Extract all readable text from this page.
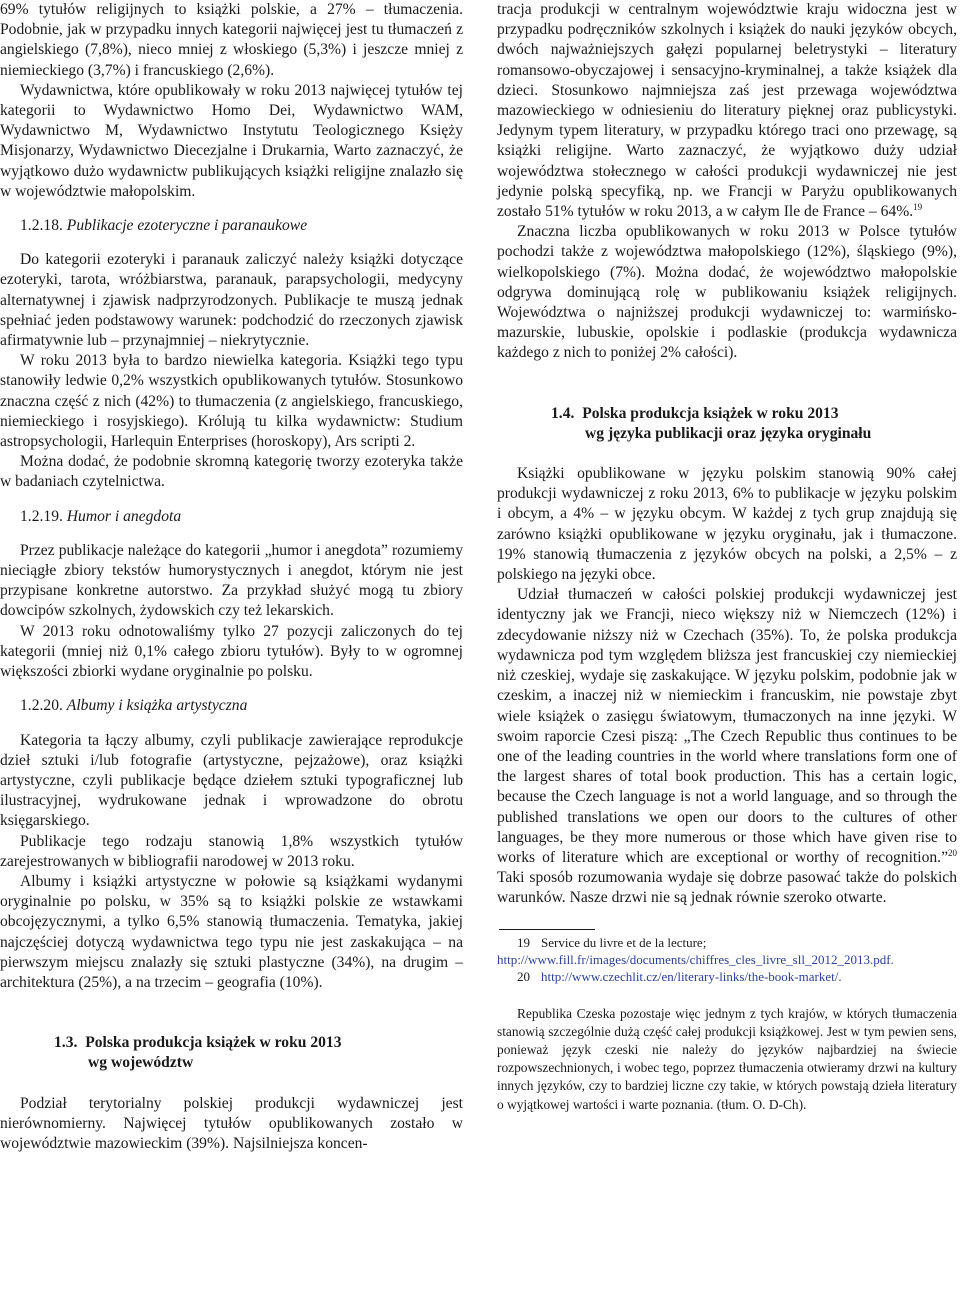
69% tytułów religijnych to książki polskie, a 27% – tłumaczenia. Podobnie, jak w przypadku innych kategorii najwięcej jest tu tłumaczeń z angielskiego (7,8%), nieco mniej z włoskiego (5,3%) i jeszcze mniej z niemieckiego (3,7%) i francuskiego (2,6%).

Wydawnictwa, które opublikowały w roku 2013 najwięcej tytułów tej kategorii to Wydawnictwo Homo Dei, Wydawnictwo WAM, Wydawnictwo M, Wydawnictwo Instytutu Teologicznego Księży Misjonarzy, Wydawnictwo Diecezjalne i Drukarnia, Warto zaznaczyć, że wyjątkowo dużo wydawnictw publikujących książki religijne znalazło się w województwie małopolskim.

1.2.18. Publikacje ezoteryczne i paranaukowe

Do kategorii ezoteryki i paranauk zaliczyć należy książki dotyczące ezoteryki, tarota, wróżbiarstwa, paranauk, parapsychologii, medycyny alternatywnej i zjawisk nadprzyrodzonych. Publikacje te muszą jednak spełniać jeden podstawowy warunek: podchodzić do rzeczonych zjawisk afirmatywnie lub – przynajmniej – niekrytycznie.

W roku 2013 była to bardzo niewielka kategoria. Książki tego typu stanowiły ledwie 0,2% wszystkich opublikowanych tytułów. Stosunkowo znaczna część z nich (42%) to tłumaczenia (z angielskiego, francuskiego, niemieckiego i rosyjskiego). Królują tu kilka wydawnictw: Studium astropsychologii, Harlequin Enterprises (horoskopy), Ars scripti 2.

Można dodać, że podobnie skromną kategorię tworzy ezoteryka także w badaniach czytelnictwa.

1.2.19. Humor i anegdota

Przez publikacje należące do kategorii „humor i anegdota” rozumiemy nieciągłe zbiory tekstów humorystycznych i anegdot, którym nie jest przypisane konkretne autorstwo. Za przykład służyć mogą tu zbiory dowcipów szkolnych, żydowskich czy też lekarskich.

W 2013 roku odnotowaliśmy tylko 27 pozycji zaliczonych do tej kategorii (mniej niż 0,1% całego zbioru tytułów). Były to w ogromnej większości zbiorki wydane oryginalnie po polsku.

1.2.20. Albumy i książka artystyczna

Kategoria ta łączy albumy, czyli publikacje zawierające reprodukcje dzieł sztuki i/lub fotografie (artystyczne, pejzażowe), oraz książki artystyczne, czyli publikacje będące dziełem sztuki typograficznej lub ilustracyjnej, wydrukowane jednak i wprowadzone do obrotu księgarskiego.

Publikacje tego rodzaju stanowią 1,8% wszystkich tytułów zarejestrowanych w bibliografii narodowej w 2013 roku.

Albumy i książki artystyczne w połowie są książkami wydanymi oryginalnie po polsku, w 35% są to książki polskie ze wstawkami obcojęzycznymi, a tylko 6,5% stanowią tłumaczenia. Tematyka, jakiej najczęściej dotyczą wydawnictwa tego typu nie jest zaskakująca – na pierwszym miejscu znalazły się sztuki plastyczne (34%), na drugim – architektura (25%), a na trzecim – geografia (10%).

1.3. Polska produkcja książek w roku 2013
wg województw

Podział terytorialny polskiej produkcji wydawniczej jest nierównomierny. Najwięcej tytułów opublikowanych zostało w województwie mazowieckim (39%). Najsilniejsza koncen-

tracja produkcji w centralnym województwie kraju widoczna jest w przypadku podręczników szkolnych i książek do nauki języków obcych, dwóch najważniejszych gałęzi popularnej beletrystyki – literatury romansowo-obyczajowej i sensacyjno-kryminalnej, a także książek dla dzieci. Stosunkowo najmniejsza zaś jest przewaga województwa mazowieckiego w odniesieniu do literatury pięknej oraz publicystyki. Jedynym typem literatury, w przypadku którego traci ono przewagę, są książki religijne. Warto zaznaczyć, że wyjątkowo duży udział województwa stołecznego w całości produkcji wydawniczej nie jest jedynie polską specyfiką, np. we Francji w Paryżu opublikowanych zostało 51% tytułów w roku 2013, a w całym Ile de France – 64%.$^{19}$

Znaczna liczba opublikowanych w roku 2013 w Polsce tytułów pochodzi także z województwa małopolskiego (12%), śląskiego (9%), wielkopolskiego (7%). Można dodać, że województwo małopolskie odgrywa dominującą rolę w publikowaniu książek religijnych. Województwa o najniższej produkcji wydawniczej to: warmińsko-mazurskie, lubuskie, opolskie i podlaskie (produkcja wydawnicza każdego z nich to poniżej 2% całości).

1.4. Polska produkcja książek w roku 2013
wg języka publikacji oraz języka oryginału

Książki opublikowane w języku polskim stanowią 90% całej produkcji wydawniczej z roku 2013, 6% to publikacje w języku polskim i obcym, a 4% – w języku obcym. W każdej z tych grup znajdują się zarówno książki opublikowane w języku oryginału, jak i tłumaczone. 19% stanowią tłumaczenia z języków obcych na polski, a 2,5% – z polskiego na języki obce.

Udział tłumaczeń w całości polskiej produkcji wydawniczej jest identyczny jak we Francji, nieco większy niż w Niemczech (12%) i zdecydowanie niższy niż w Czechach (35%). To, że polska produkcja wydawnicza pod tym względem bliższa jest francuskiej czy niemieckiej niż czeskiej, wydaje się zaskakujące. W języku polskim, podobnie jak w czeskim, a inaczej niż w niemieckim i francuskim, nie powstaje zbyt wiele książek o zasięgu światowym, tłumaczonych na inne języki. W swoim raporcie Czesi piszą: „The Czech Republic thus continues to be one of the leading countries in the world where translations form one of the largest shares of total book production. This has a certain logic, because the Czech language is not a world language, and so through the published translations we open our doors to the cultures of other languages, be they more numerous or those which have given rise to works of literature which are exceptional or worthy of recognition.”$^{20}$ Taki sposób rozumowania wydaje się dobrze pasować także do polskich warunków. Nasze drzwi nie są jednak równie szeroko otwarte.

19 Service du livre et de la lecture; http://www.fill.fr/images/documents/chiffres_cles_livre_sll_2012_2013.pdf.

20 http://www.czechlit.cz/en/literary-links/the-book-market/.

Republika Czeska pozostaje więc jednym z tych krajów, w których tłumaczenia stanowią szczególnie dużą część całej produkcji książkowej. Jest w tym pewien sens, ponieważ język czeski nie należy do języków najbardziej na świecie rozpowszechnionych, i wobec tego, poprzez tłumaczenia otwieramy drzwi na kultury innych języków, czy to bardziej liczne czy takie, w których powstają dzieła literatury o wyjątkowej wartości i warte poznania. (tłum. O. D-Ch).
